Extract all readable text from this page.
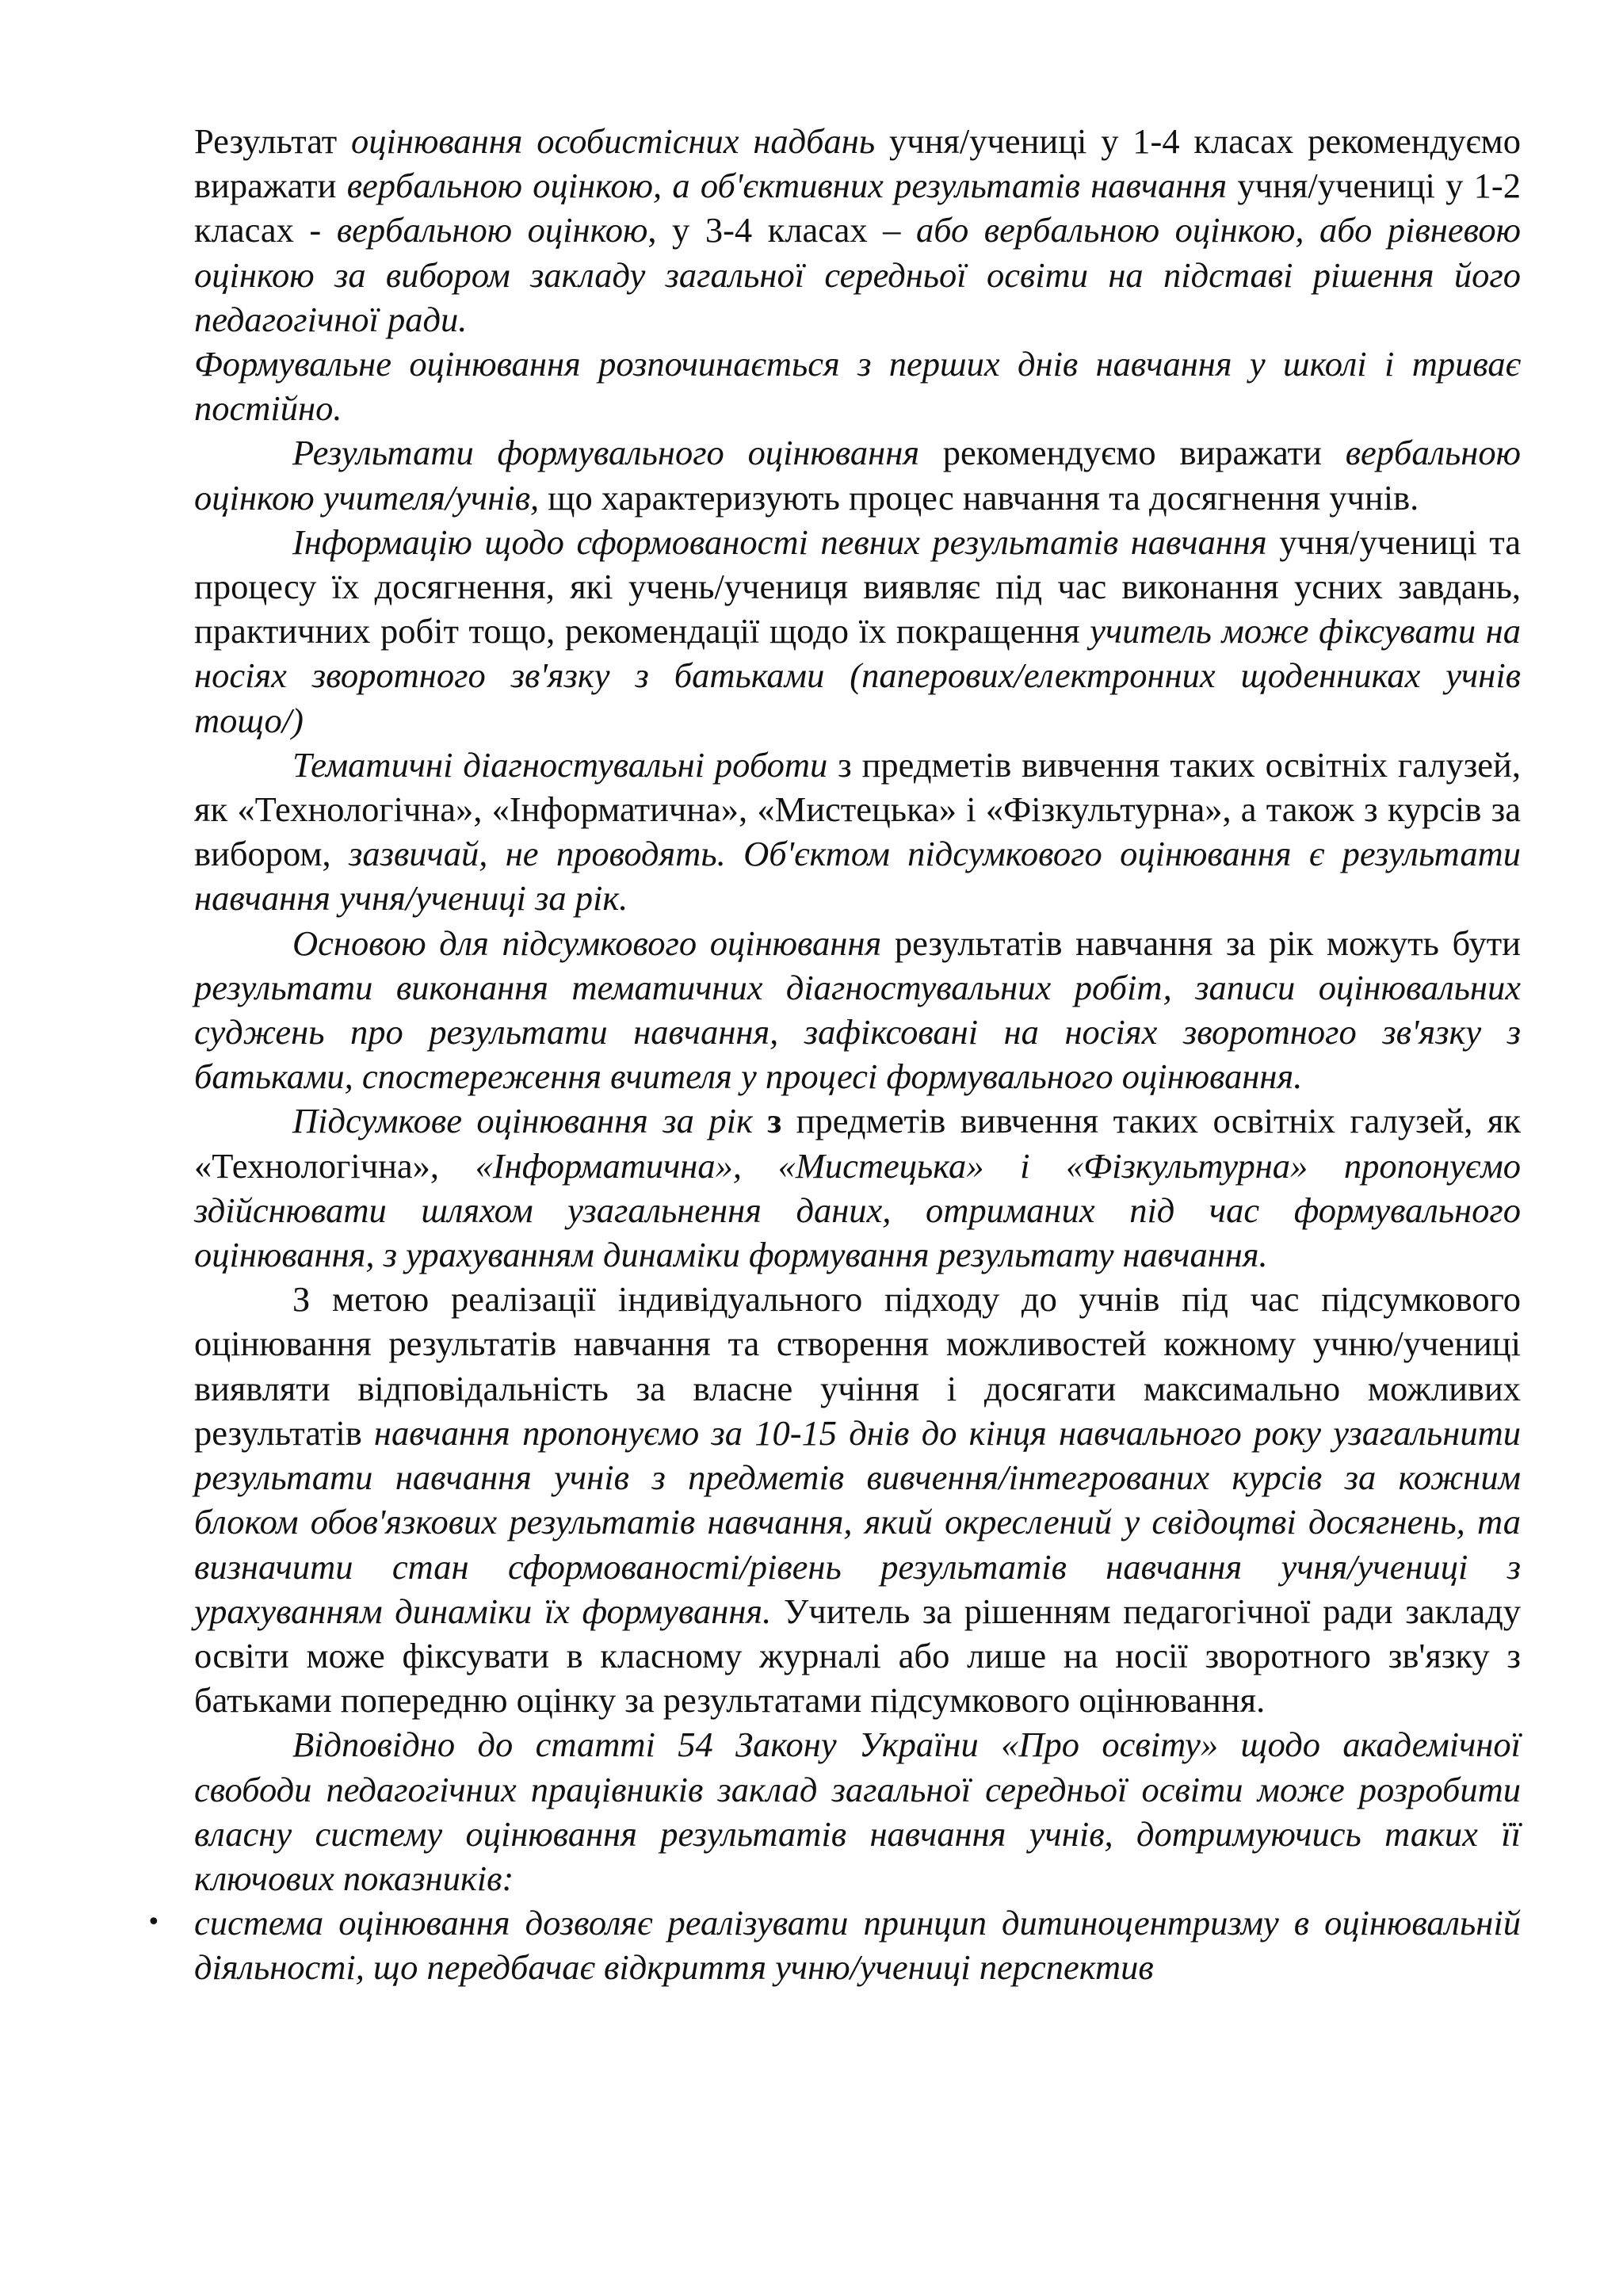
Результат оцінювання особистісних надбань учня/учениці у 1-4 класах рекомендуємо виражати вербальною оцінкою, а об'єктивних результатів навчання учня/учениці у 1-2 класах - вербальною оцінкою, у 3-4 класах – або вербальною оцінкою, або рівневою оцінкою за вибором закладу загальної середньої освіти на підставі рішення його педагогічної ради.

Формувальне оцінювання розпочинається з перших днів навчання у школі і триває постійно.

Результати формувального оцінювання рекомендуємо виражати вербальною оцінкою учителя/учнів, що характеризують процес навчання та досягнення учнів.

Інформацію щодо сформованості певних результатів навчання учня/учениці та процесу їх досягнення, які учень/учениця виявляє під час виконання усних завдань, практичних робіт тощо, рекомендації щодо їх покращення учитель може фіксувати на носіях зворотного зв'язку з батьками (паперових/електронних щоденниках учнів тощо/)

Тематичні діагностувальні роботи з предметів вивчення таких освітніх галузей, як «Технологічна», «Інформатична», «Мистецька» і «Фізкультурна», а також з курсів за вибором, зазвичай, не проводять. Об'єктом підсумкового оцінювання є результати навчання учня/учениці за рік.

Основою для підсумкового оцінювання результатів навчання за рік можуть бути результати виконання тематичних діагностувальних робіт, записи оцінювальних суджень про результати навчання, зафіксовані на носіях зворотного зв'язку з батьками, спостереження вчителя у процесі формувального оцінювання.

Підсумкове оцінювання за рік з предметів вивчення таких освітніх галузей, як «Технологічна», «Інформатична», «Мистецька» і «Фізкультурна» пропонуємо здійснювати шляхом узагальнення даних, отриманих під час формувального оцінювання, з урахуванням динаміки формування результату навчання.

З метою реалізації індивідуального підходу до учнів під час підсумкового оцінювання результатів навчання та створення можливостей кожному учню/учениці виявляти відповідальність за власне учіння і досягати максимально можливих результатів навчання пропонуємо за 10-15 днів до кінця навчального року узагальнити результати навчання учнів з предметів вивчення/інтегрованих курсів за кожним блоком обов'язкових результатів навчання, який окреслений у свідоцтві досягнень, та визначити стан сформованості/рівень результатів навчання учня/учениці з урахуванням динаміки їх формування. Учитель за рішенням педагогічної ради закладу освіти може фіксувати в класному журналі або лише на носії зворотного зв'язку з батьками попередню оцінку за результатами підсумкового оцінювання.

Відповідно до статті 54 Закону України «Про освіту» щодо академічної свободи педагогічних працівників заклад загальної середньої освіти може розробити власну систему оцінювання результатів навчання учнів, дотримуючись таких її ключових показників:

• система оцінювання дозволяє реалізувати принцип дитиноцентризму в оцінювальній діяльності, що передбачає відкриття учню/учениці перспектив
